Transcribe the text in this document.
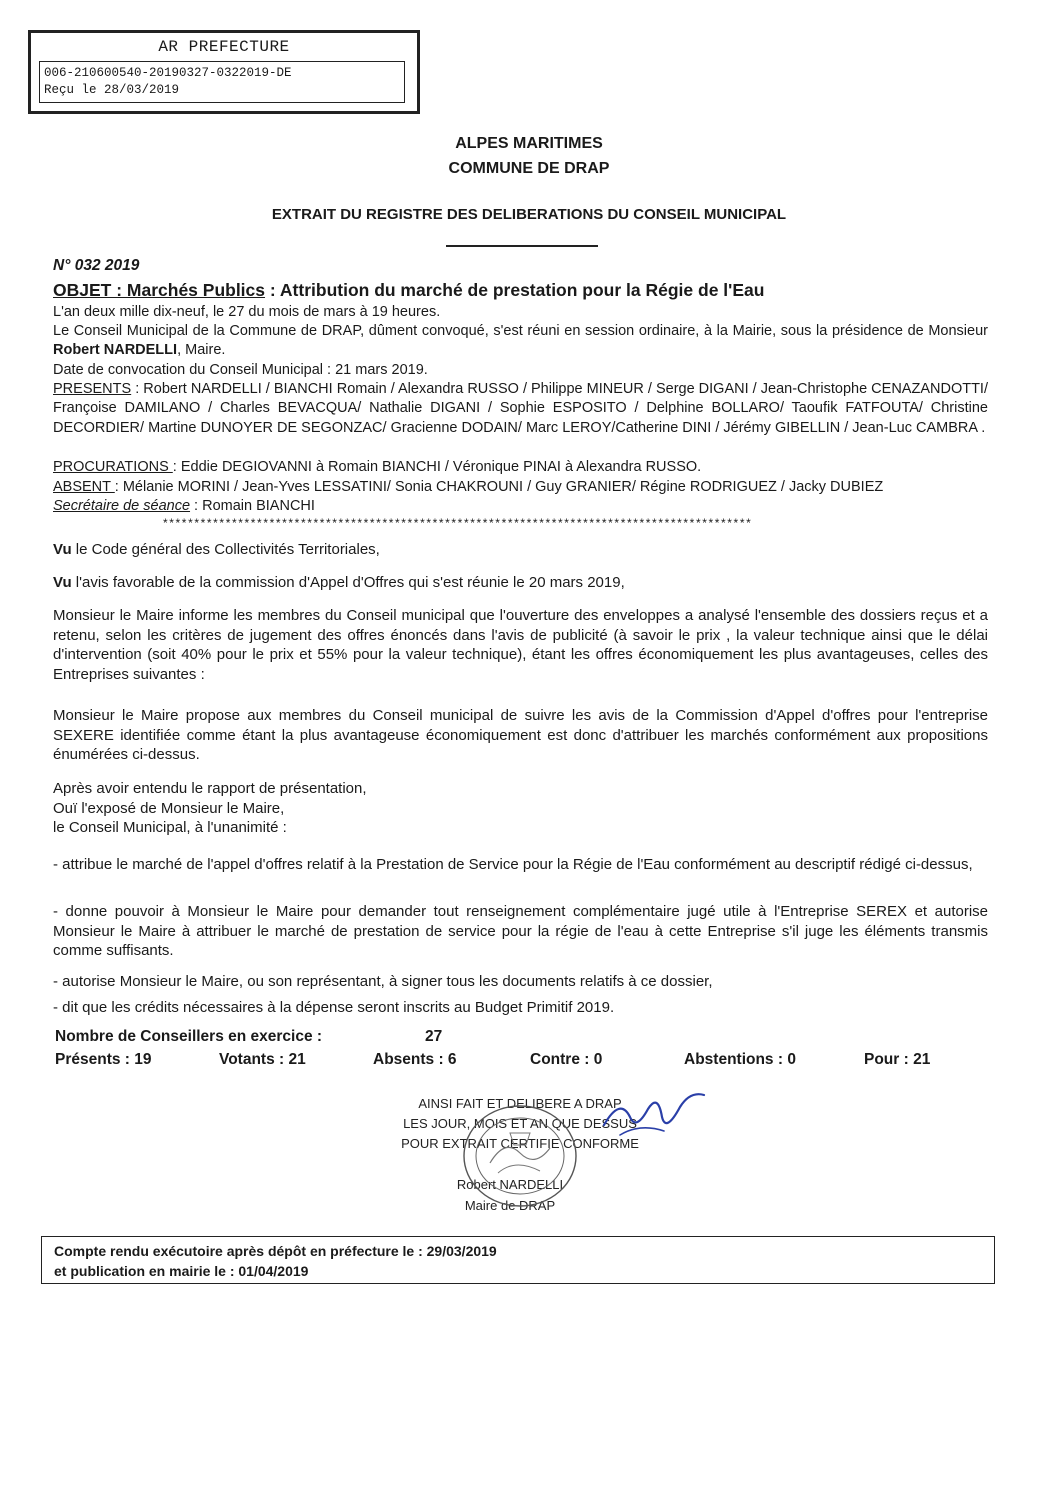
AR PREFECTURE
006-210600540-20190327-0322019-DE
Reçu le 28/03/2019
ALPES MARITIMES
COMMUNE DE DRAP
EXTRAIT DU REGISTRE DES DELIBERATIONS DU CONSEIL MUNICIPAL
N° 032 2019
OBJET : Marchés Publics : Attribution du marché de prestation pour la Régie de l'Eau
L'an deux mille dix-neuf, le 27 du mois de mars à 19 heures.
Le Conseil Municipal de la Commune de DRAP, dûment convoqué, s'est réuni en session ordinaire, à la Mairie, sous la présidence de Monsieur Robert NARDELLI, Maire.
Date de convocation du Conseil Municipal : 21 mars 2019.
PRESENTS : Robert NARDELLI / BIANCHI Romain / Alexandra RUSSO / Philippe MINEUR / Serge DIGANI / Jean-Christophe CENAZANDOTTI/ Françoise DAMILANO / Charles BEVACQUA/ Nathalie DIGANI / Sophie ESPOSITO / Delphine BOLLARO/ Taoufik FATFOUTA/ Christine DECORDIER/ Martine DUNOYER DE SEGONZAC/ Gracienne DODAIN/ Marc LEROY/Catherine DINI / Jérémy GIBELLIN / Jean-Luc CAMBRA .
PROCURATIONS : Eddie DEGIOVANNI à Romain BIANCHI / Véronique PINAI à Alexandra RUSSO.
ABSENT : Mélanie MORINI / Jean-Yves LESSATINI/ Sonia CHAKROUNI / Guy GRANIER/ Régine RODRIGUEZ / Jacky DUBIEZ
Secrétaire de séance : Romain BIANCHI
**********************************************************************************************
Vu le Code général des Collectivités Territoriales,
Vu l'avis favorable de la commission d'Appel d'Offres qui s'est réunie le 20 mars 2019,
Monsieur le Maire informe les membres du Conseil municipal que l'ouverture des enveloppes a analysé l'ensemble des dossiers reçus et a retenu, selon les critères de jugement des offres énoncés dans l'avis de publicité (à savoir le prix , la valeur technique ainsi que le délai d'intervention (soit 40% pour le prix et 55% pour la valeur technique), étant les offres économiquement les plus avantageuses, celles des Entreprises suivantes :
Monsieur le Maire propose aux membres du Conseil municipal de suivre les avis de la Commission d'Appel d'offres pour l'entreprise SEXERE identifiée comme étant la plus avantageuse économiquement est donc d'attribuer les marchés conformément aux propositions énumérées ci-dessus.
Après avoir entendu le rapport de présentation,
Ouï l'exposé de Monsieur le Maire,
le Conseil Municipal, à l'unanimité :
- attribue le marché de l'appel d'offres relatif à la Prestation de Service pour la Régie de l'Eau conformément au descriptif rédigé ci-dessus,
- donne pouvoir à Monsieur le Maire pour demander tout renseignement complémentaire jugé utile à l'Entreprise SEREX et autorise Monsieur le Maire à attribuer le marché de prestation de service pour la régie de l'eau à cette Entreprise s'il juge les éléments transmis comme suffisants.
- autorise Monsieur le Maire, ou son représentant, à signer tous les documents relatifs à ce dossier,
- dit que les crédits nécessaires à la dépense seront inscrits au Budget Primitif 2019.
Nombre de Conseillers en exercice :	27
Présents : 19	Votants : 21	Absents : 6	Contre : 0	Abstentions : 0	Pour : 21
AINSI FAIT ET DELIBERE A DRAP
LES JOUR, MOIS ET AN QUE DESSUS
POUR EXTRAIT CERTIFIE CONFORME
Robert NARDELLI
Maire de DRAP
Compte rendu exécutoire après dépôt en préfecture le : 29/03/2019
et publication en mairie le : 01/04/2019
